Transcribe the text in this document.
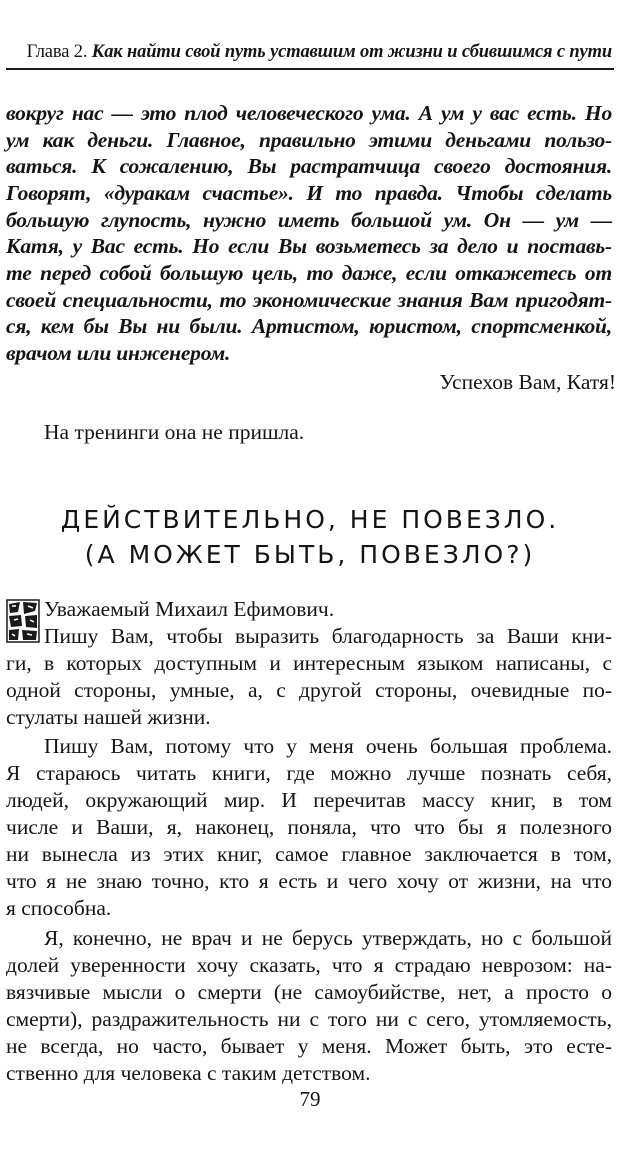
Глава 2. Как найти свой путь уставшим от жизни и сбившимся с пути
вокруг нас — это плод человеческого ума. А ум у вас есть. Но
ум как деньги. Главное, правильно этими деньгами пользо-
ваться. К сожалению, Вы растратчица своего достояния.
Говорят, «дуракам счастье». И то правда. Чтобы сделать
большую глупость, нужно иметь большой ум. Он — ум —
Катя, у Вас есть. Но если Вы возьметесь за дело и поставь-
те перед собой большую цель, то даже, если откажетесь от
своей специальности, то экономические знания Вам пригодят-
ся, кем бы Вы ни были. Артистом, юристом, спортсменкой,
врачом или инженером.
Успехов Вам, Катя!
На тренинги она не пришла.
ДЕЙСТВИТЕЛЬНО, НЕ ПОВЕЗЛО.
(А МОЖЕТ БЫТЬ, ПОВЕЗЛО?)
Уважаемый Михаил Ефимович.
Пишу Вам, чтобы выразить благодарность за Ваши кни-
ги, в которых доступным и интересным языком написаны, с
одной стороны, умные, а, с другой стороны, очевидные по-
стулаты нашей жизни.
Пишу Вам, потому что у меня очень большая проблема.
Я стараюсь читать книги, где можно лучше познать себя,
людей, окружающий мир. И перечитав массу книг, в том
числе и Ваши, я, наконец, поняла, что что бы я полезного
ни вынесла из этих книг, самое главное заключается в том,
что я не знаю точно, кто я есть и чего хочу от жизни, на что
я способна.
Я, конечно, не врач и не берусь утверждать, но с большой
долей уверенности хочу сказать, что я страдаю неврозом: на-
вязчивые мысли о смерти (не самоубийстве, нет, а просто о
смерти), раздражительность ни с того ни с сего, утомляемость,
не всегда, но часто, бывает у меня. Может быть, это есте-
ственно для человека с таким детством.
79
